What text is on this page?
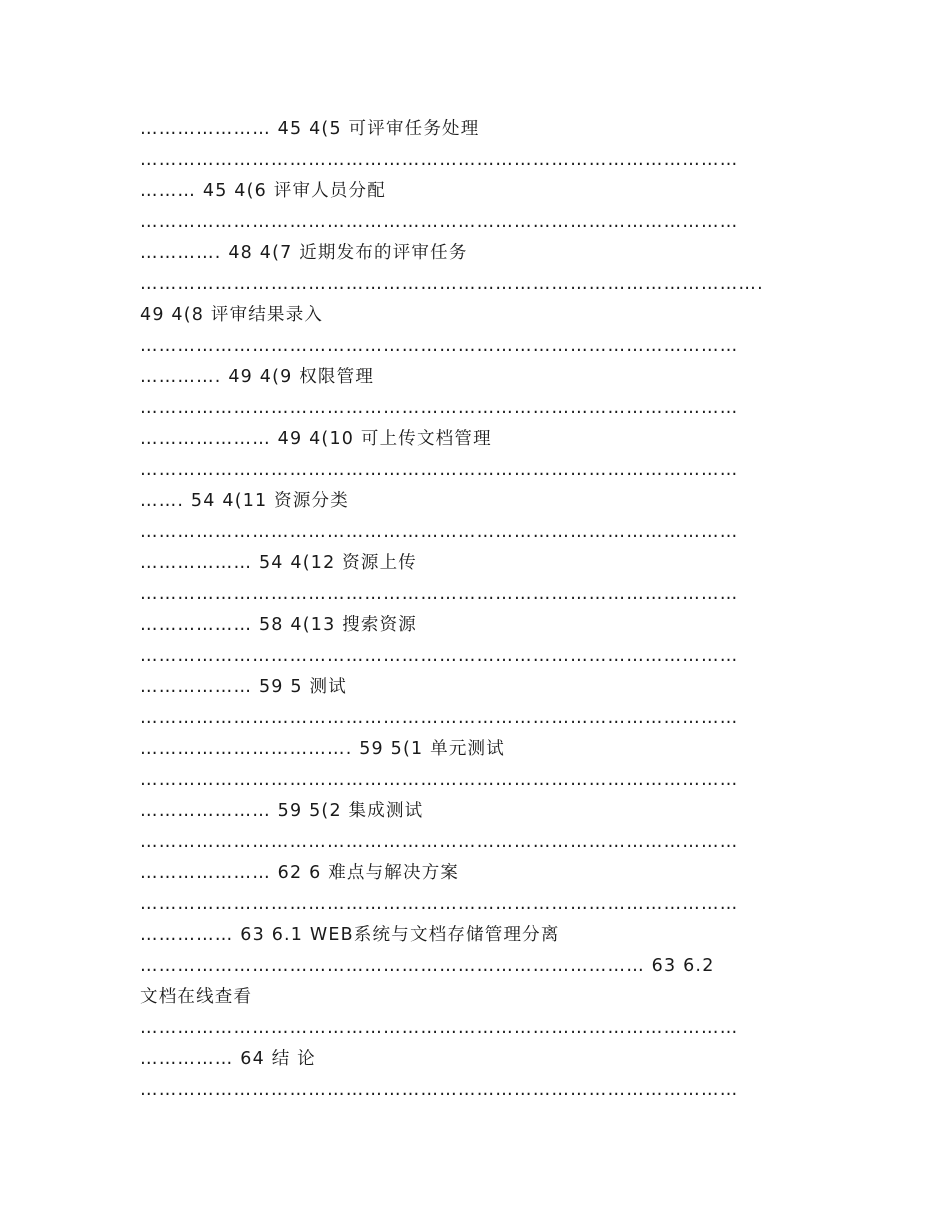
………………… 45 4(5 可评审任务处理
……………………………………………………………………………………
……… 45 4(6 评审人员分配
……………………………………………………………………………………
…………. 48 4(7 近期发布的评审任务
……………………………………………………………………………………….
49 4(8 评审结果录入
……………………………………………………………………………………
…………. 49 4(9 权限管理
……………………………………………………………………………………
………………… 49 4(10 可上传文档管理
……………………………………………………………………………………
……. 54 4(11 资源分类
……………………………………………………………………………………
……………… 54 4(12 资源上传
……………………………………………………………………………………
……………… 58 4(13 搜索资源
……………………………………………………………………………………
……………… 59 5 测试
……………………………………………………………………………………
……………………………. 59 5(1 单元测试
……………………………………………………………………………………
………………… 59 5(2 集成测试
……………………………………………………………………………………
………………… 62 6 难点与解决方案
……………………………………………………………………………………
…………… 63 6.1 WEB系统与文档存储管理分离
……………………………………………………………………… 63 6.2
文档在线查看
……………………………………………………………………………………
…………… 64 结 论
……………………………………………………………………………………
